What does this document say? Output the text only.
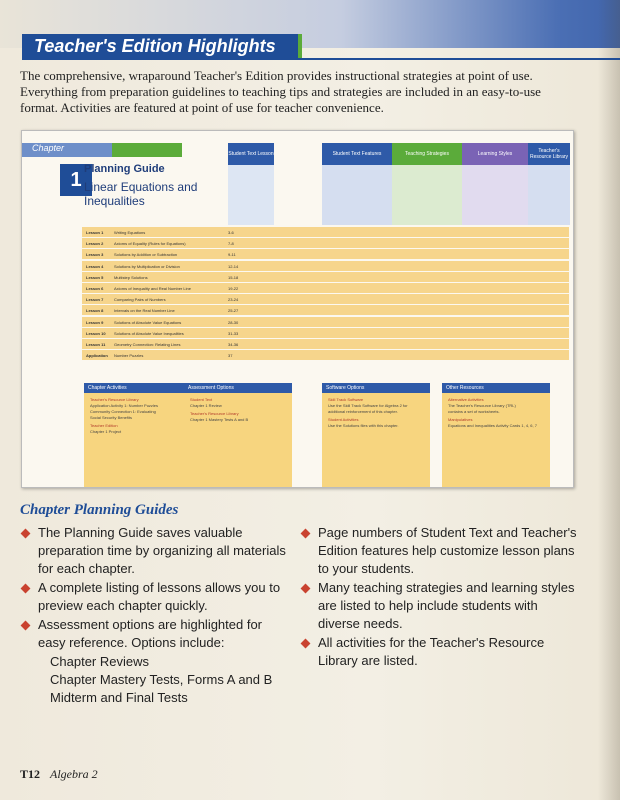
Teacher's Edition Highlights
The comprehensive, wraparound Teacher's Edition provides instructional strategies at point of use. Everything from preparation guidelines to teaching tips and strategies are included in an easy-to-use format. Activities are featured at point of use for teacher convenience.
Chapter
1 Planning Guide
Linear Equations and Inequalities
Student Text Lesson	Student Text Features	Teaching Strategies	Learning Styles	Teacher's Resource Library
Lesson 1	Writing Equations	3-6
Lesson 2	Axioms of Equality (Rules for Equations)	7-8
Lesson 3	Solutions by Addition or Subtraction	9-11
Lesson 4	Solutions by Multiplication or Division	12-14
Lesson 5	Multistep Solutions	15-18
Lesson 6	Axioms of Inequality and Real Number Line	19-22
Lesson 7	Comparing Pairs of Numbers	23-24
Lesson 8	Intervals on the Real Number Line	25-27
Lesson 9	Solutions of Absolute Value Equations	28-30
Lesson 10	Solutions of Absolute Value Inequalities	31-33
Lesson 11	Geometry Connection: Relating Lines	34-36
Application	Number Puzzles	37
Chapter Activities
Teacher's Resource Library
Application Activity 1: Number Puzzles
Community Connection 1: Evaluating
Social Security Benefits
Teacher Edition
Chapter 1 Project
Assessment Options
Student Text
Chapter 1 Review
Teacher's Resource Library
Chapter 1 Mastery Tests A and B
Software Options
Skill Track Software
Use the Skill Track Software for Algebra 2 for
additional reinforcement of this chapter.
Student Activities
Use the Solutions files with this chapter.
Other Resources
Alternative Activities
The Teacher's Resource Library (TRL)
contains a set of worksheets.
Manipulatives
Equations and Inequalities Activity Cards 1, 4, 6, 7
Chapter Planning Guides
The Planning Guide saves valuable preparation time by organizing all materials for each chapter.
A complete listing of lessons allows you to preview each chapter quickly.
Assessment options are highlighted for easy reference. Options include:
Chapter Reviews
Chapter Mastery Tests, Forms A and B
Midterm and Final Tests
Page numbers of Student Text and Teacher's Edition features help customize lesson plans to your students.
Many teaching strategies and learning styles are listed to help include students with diverse needs.
All activities for the Teacher's Resource Library are listed.
T12 Algebra 2
